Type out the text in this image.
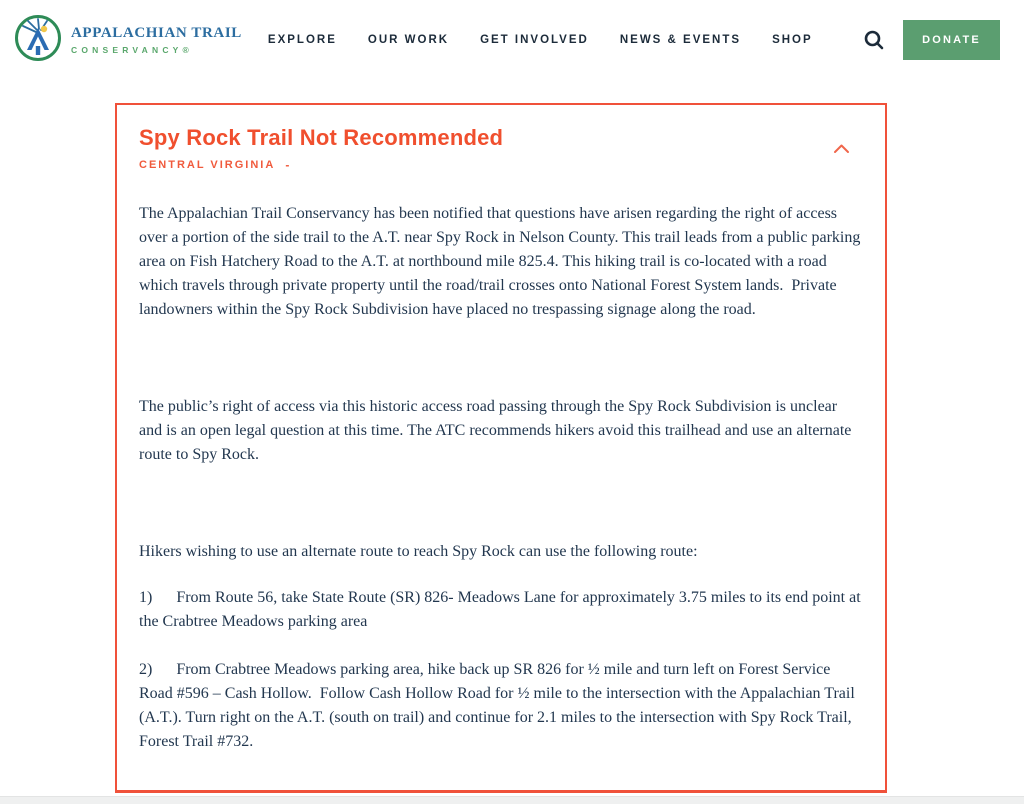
APPALACHIAN TRAIL
CONSERVANCY®
EXPLORE	OUR WORK	GET INVOLVED	NEWS & EVENTS	SHOP	DONATE
Spy Rock Trail Not Recommended
CENTRAL VIRGINIA -

The Appalachian Trail Conservancy has been notified that questions have arisen regarding the right of access over a portion of the side trail to the A.T. near Spy Rock in Nelson County. This trail leads from a public parking area on Fish Hatchery Road to the A.T. at northbound mile 825.4. This hiking trail is co-located with a road which travels through private property until the road/trail crosses onto National Forest System lands.  Private landowners within the Spy Rock Subdivision have placed no trespassing signage along the road.

The public’s right of access via this historic access road passing through the Spy Rock Subdivision is unclear and is an open legal question at this time. The ATC recommends hikers avoid this trailhead and use an alternate route to Spy Rock.

Hikers wishing to use an alternate route to reach Spy Rock can use the following route:

1)      From Route 56, take State Route (SR) 826- Meadows Lane for approximately 3.75 miles to its end point at the Crabtree Meadows parking area

2)      From Crabtree Meadows parking area, hike back up SR 826 for ½ mile and turn left on Forest Service Road #596 – Cash Hollow.  Follow Cash Hollow Road for ½ mile to the intersection with the Appalachian Trail (A.T.). Turn right on the A.T. (south on trail) and continue for 2.1 miles to the intersection with Spy Rock Trail, Forest Trail #732.
